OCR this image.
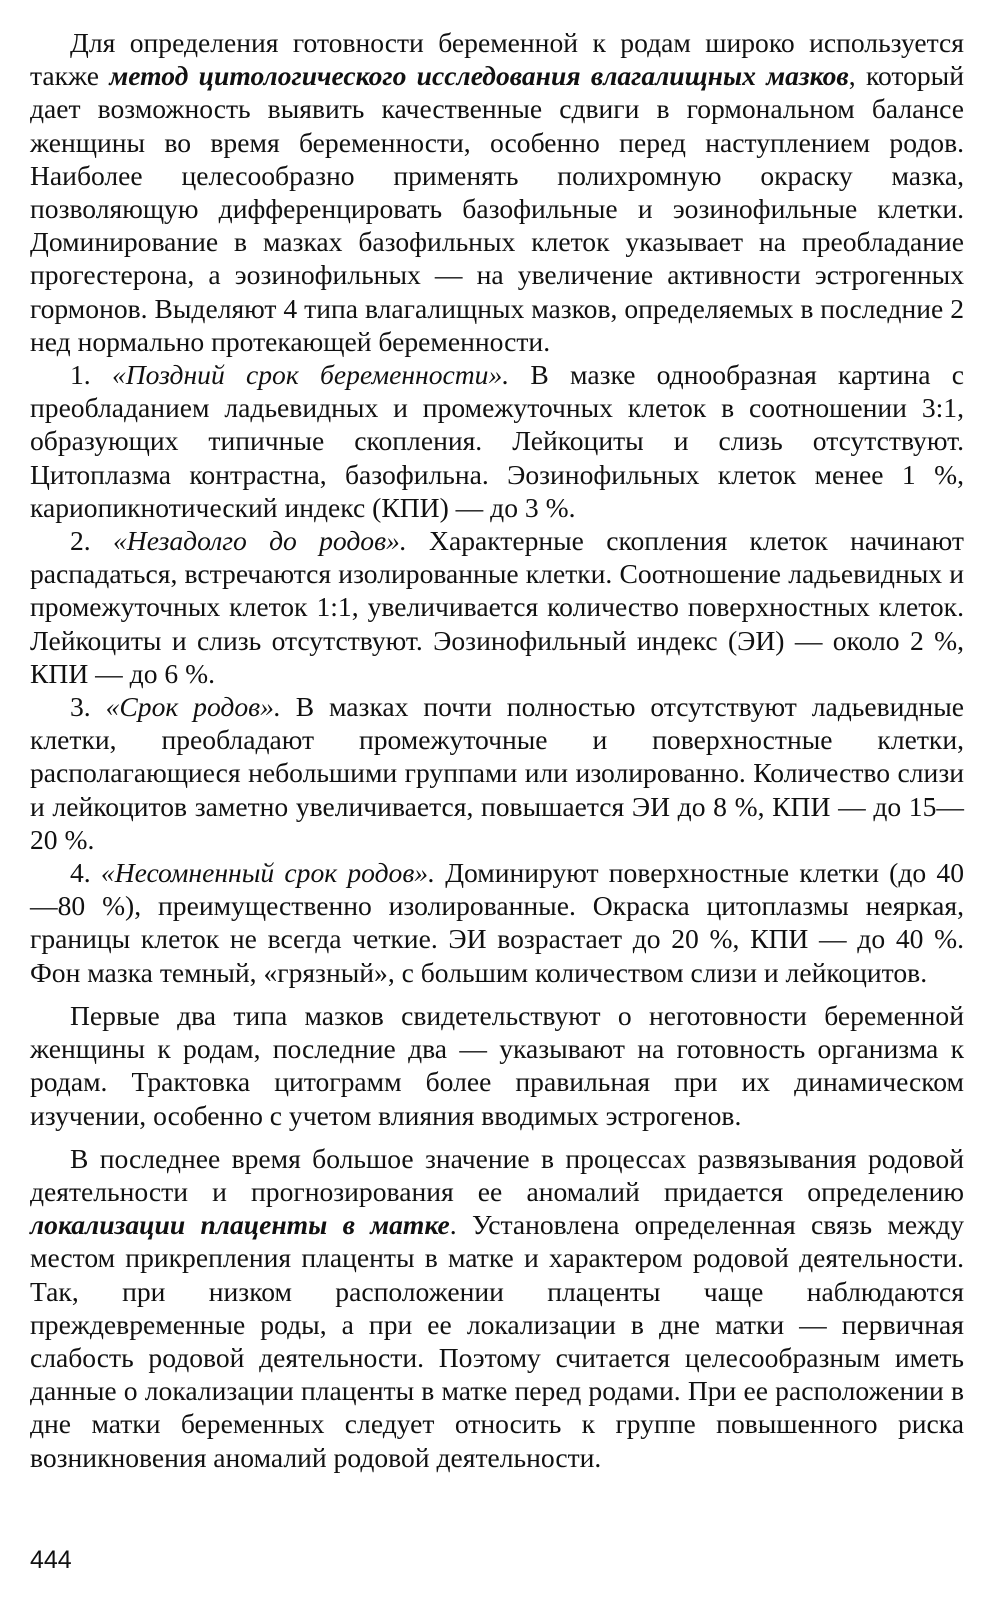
Для определения готовности беременной к родам широко используется также метод цитологического исследования влагалищных мазков, который дает возможность выявить качественные сдвиги в гормональном балансе женщины во время беременности, особенно перед наступлением родов. Наиболее целесообразно применять полихромную окраску мазка, позволяющую дифференцировать базофильные и эозинофильные клетки. Доминирование в мазках базофильных клеток указывает на преобладание прогестерона, а эозинофильных — на увеличение активности эстрогенных гормонов. Выделяют 4 типа влагалищных мазков, определяемых в последние 2 нед нормально протекающей беременности.

1. «Поздний срок беременности». В мазке однообразная картина с преобладанием ладьевидных и промежуточных клеток в соотношении 3:1, образующих типичные скопления. Лейкоциты и слизь отсутствуют. Цитоплазма контрастна, базофильна. Эозинофильных клеток менее 1 %, кариопикнотический индекс (КПИ) — до 3 %.

2. «Незадолго до родов». Характерные скопления клеток начинают распадаться, встречаются изолированные клетки. Соотношение ладьевидных и промежуточных клеток 1:1, увеличивается количество поверхностных клеток. Лейкоциты и слизь отсутствуют. Эозинофильный индекс (ЭИ) — около 2 %, КПИ — до 6 %.

3. «Срок родов». В мазках почти полностью отсутствуют ладьевидные клетки, преобладают промежуточные и поверхностные клетки, располагающиеся небольшими группами или изолированно. Количество слизи и лейкоцитов заметно увеличивается, повышается ЭИ до 8 %, КПИ — до 15—20 %.

4. «Несомненный срок родов». Доминируют поверхностные клетки (до 40—80 %), преимущественно изолированные. Окраска цитоплазмы неяркая, границы клеток не всегда четкие. ЭИ возрастает до 20 %, КПИ — до 40 %. Фон мазка темный, «грязный», с большим количеством слизи и лейкоцитов.

Первые два типа мазков свидетельствуют о неготовности беременной женщины к родам, последние два — указывают на готовность организма к родам. Трактовка цитограмм более правильная при их динамическом изучении, особенно с учетом влияния вводимых эстрогенов.

В последнее время большое значение в процессах развязывания родовой деятельности и прогнозирования ее аномалий придается определению локализации плаценты в матке. Установлена определенная связь между местом прикрепления плаценты в матке и характером родовой деятельности. Так, при низком расположении плаценты чаще наблюдаются преждевременные роды, а при ее локализации в дне матки — первичная слабость родовой деятельности. Поэтому считается целесообразным иметь данные о локализации плаценты в матке перед родами. При ее расположении в дне матки беременных следует относить к группе повышенного риска возникновения аномалий родовой деятельности.

444
